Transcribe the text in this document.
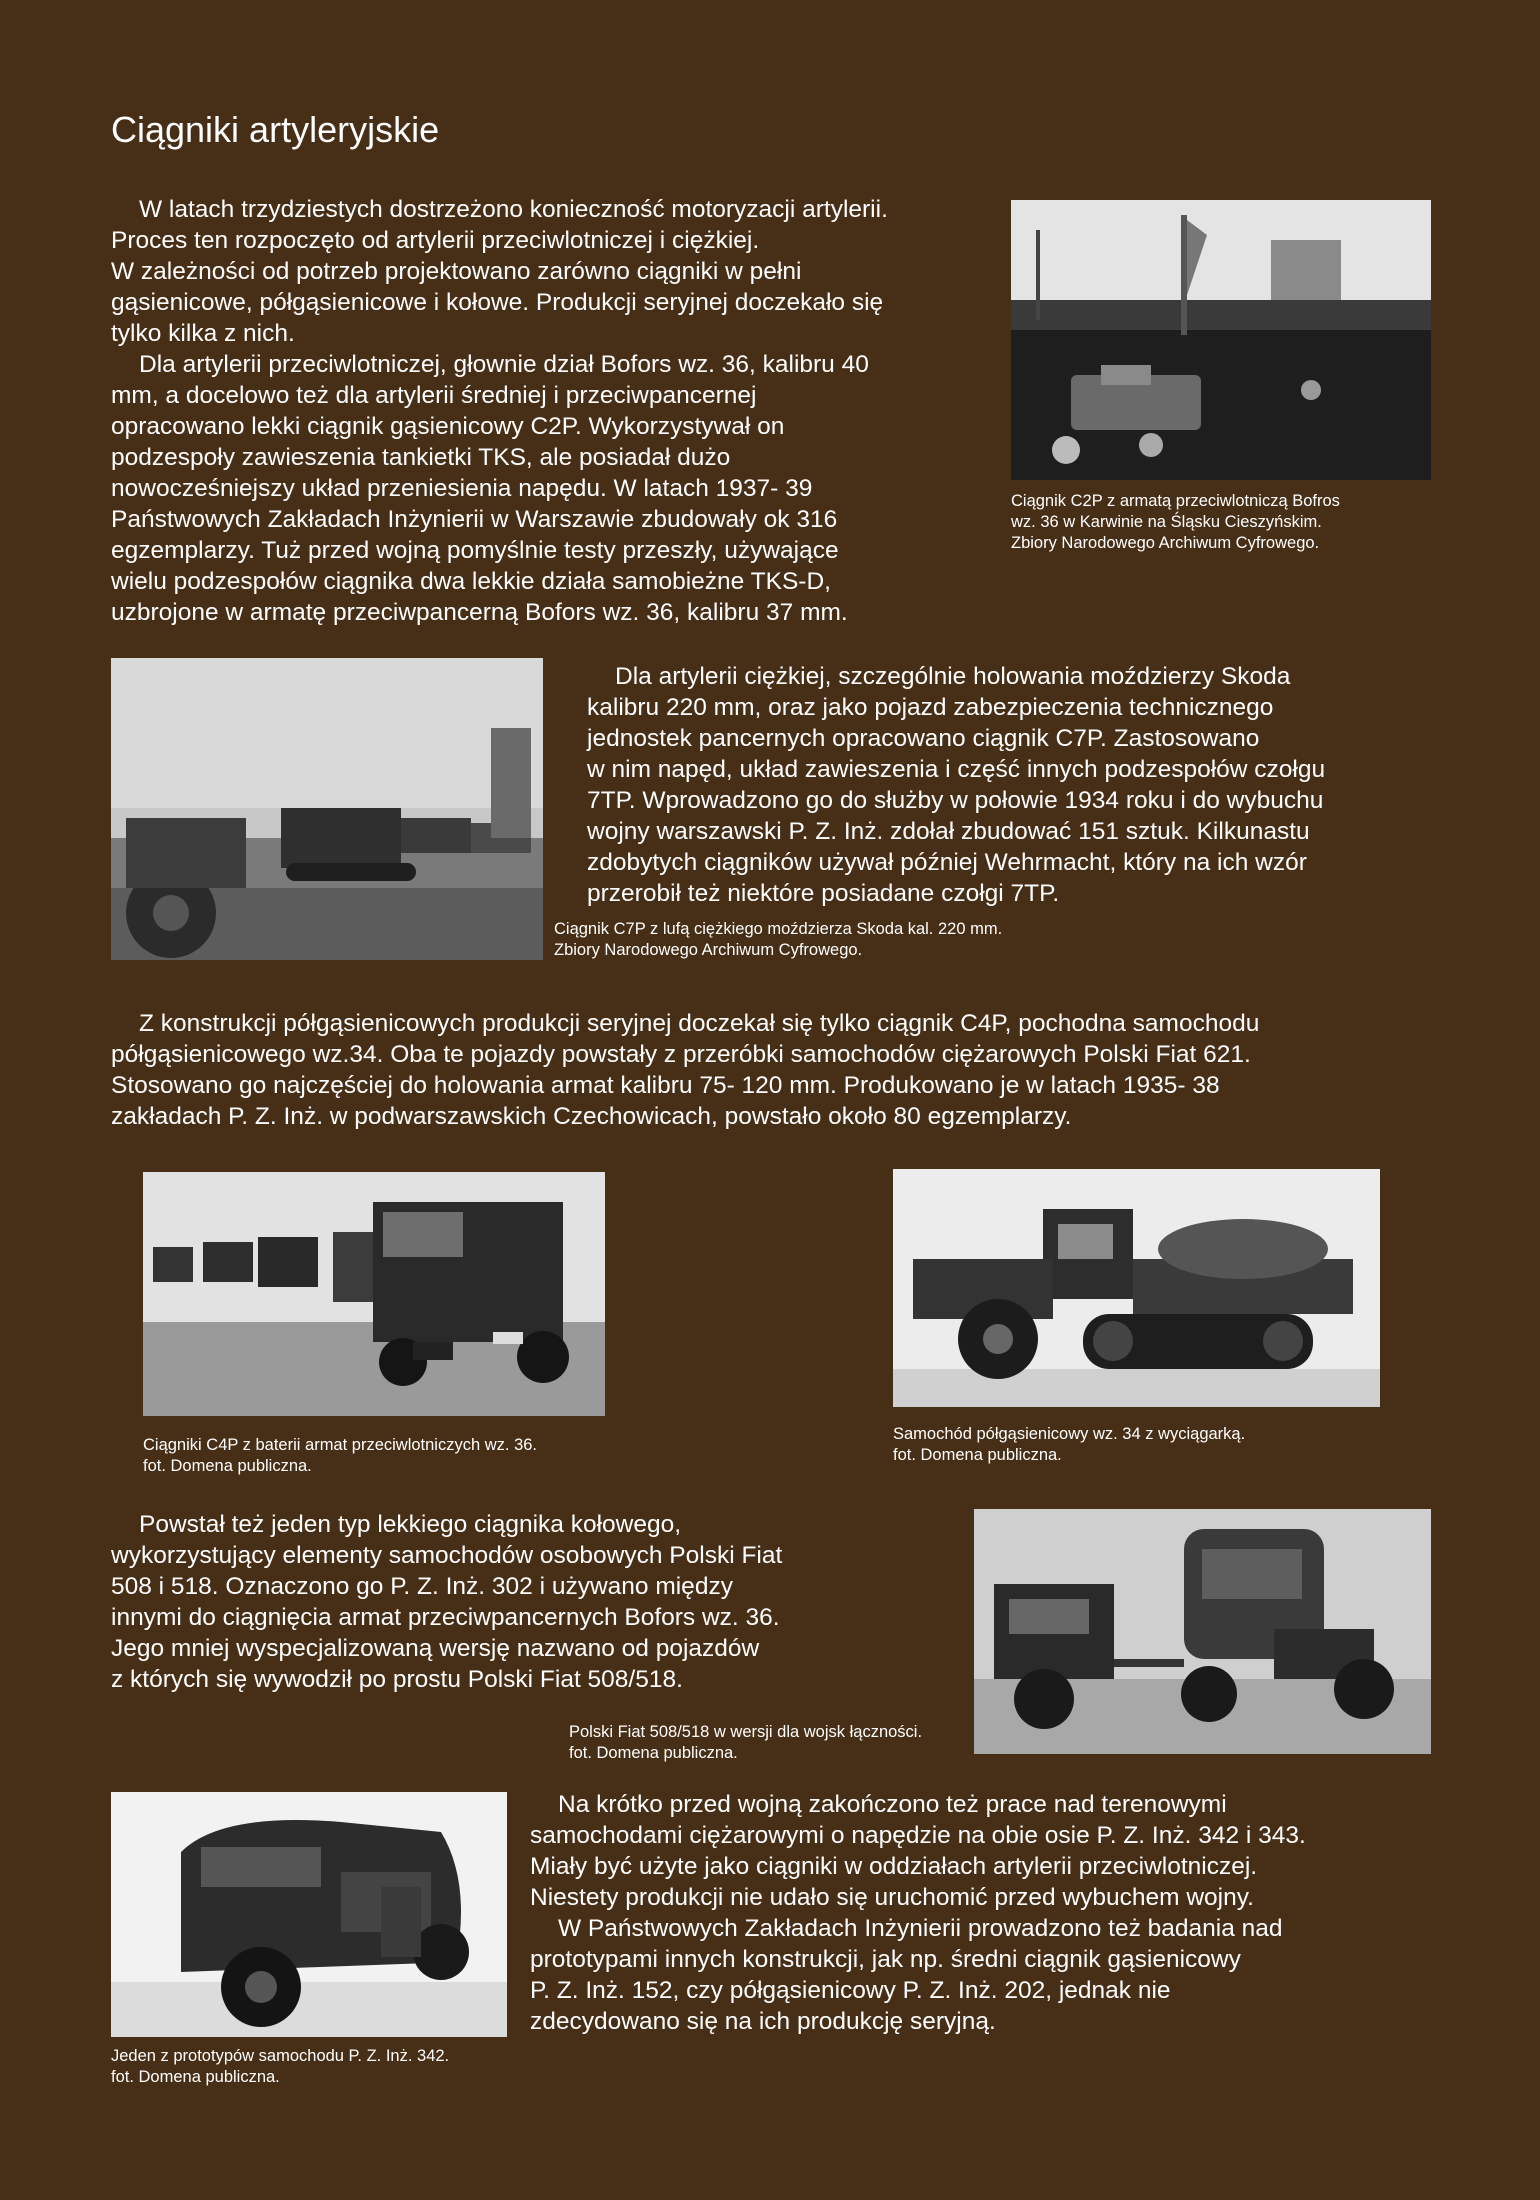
Ciągniki artyleryjskie
W latach trzydziestych dostrzeżono konieczność motoryzacji artylerii.
Proces ten rozpoczęto od artylerii przeciwlotniczej i ciężkiej.
W zależności od potrzeb projektowano zarówno ciągniki w pełni
gąsienicowe, półgąsienicowe i kołowe. Produkcji seryjnej doczekało się
tylko kilka z nich.
Dla artylerii przeciwlotniczej, głownie dział Bofors wz. 36, kalibru 40
mm, a docelowo też dla artylerii średniej i przeciwpancernej
opracowano lekki ciągnik gąsienicowy C2P. Wykorzystywał on
podzespoły zawieszenia tankietki TKS, ale posiadał dużo
nowocześniejszy układ przeniesienia napędu. W latach 1937- 39
Państwowych Zakładach Inżynierii w Warszawie zbudowały ok 316
egzemplarzy. Tuż przed wojną pomyślnie testy przeszły, używające
wielu podzespołów ciągnika dwa lekkie działa samobieżne TKS-D,
uzbrojone w armatę przeciwpancerną Bofors wz. 36, kalibru 37 mm.
Ciągnik C2P z armatą przeciwlotniczą Bofros
wz. 36 w Karwinie na Śląsku Cieszyńskim.
Zbiory Narodowego Archiwum Cyfrowego.
Dla artylerii ciężkiej, szczególnie holowania moździerzy Skoda
kalibru 220 mm, oraz jako pojazd zabezpieczenia technicznego
jednostek pancernych opracowano ciągnik C7P. Zastosowano
w nim napęd, układ zawieszenia i część innych podzespołów czołgu
7TP. Wprowadzono go do służby w połowie 1934 roku i do wybuchu
wojny warszawski P. Z. Inż. zdołał zbudować 151 sztuk. Kilkunastu
zdobytych ciągników używał później Wehrmacht, który na ich wzór
przerobił też niektóre posiadane czołgi 7TP.
Ciągnik C7P z lufą ciężkiego moździerza Skoda kal. 220 mm.
Zbiory Narodowego Archiwum Cyfrowego.
Z konstrukcji półgąsienicowych produkcji seryjnej doczekał się tylko ciągnik C4P, pochodna samochodu
półgąsienicowego wz.34. Oba te pojazdy powstały z przeróbki samochodów ciężarowych Polski Fiat 621.
Stosowano go najczęściej do holowania armat kalibru 75- 120 mm. Produkowano je w latach 1935- 38
zakładach P. Z. Inż. w podwarszawskich Czechowicach, powstało około 80 egzemplarzy.
Ciągniki C4P z baterii armat przeciwlotniczych wz. 36.
fot. Domena publiczna.
Samochód półgąsienicowy wz. 34 z wyciągarką.
fot. Domena publiczna.
Powstał też jeden typ lekkiego ciągnika kołowego,
wykorzystujący elementy samochodów osobowych Polski Fiat
508 i 518. Oznaczono go P. Z. Inż. 302 i używano między
innymi do ciągnięcia armat przeciwpancernych Bofors wz. 36.
Jego mniej wyspecjalizowaną wersję nazwano od pojazdów
z których się wywodził po prostu Polski Fiat 508/518.
Polski Fiat 508/518 w wersji dla wojsk łączności.
fot. Domena publiczna.
Jeden z prototypów samochodu P. Z. Inż. 342.
fot. Domena publiczna.
Na krótko przed wojną zakończono też prace nad terenowymi
samochodami ciężarowymi o napędzie na obie osie P. Z. Inż. 342 i 343.
Miały być użyte jako ciągniki w oddziałach artylerii przeciwlotniczej.
Niestety produkcji nie udało się uruchomić przed wybuchem wojny.
W Państwowych Zakładach Inżynierii prowadzono też badania nad
prototypami innych konstrukcji, jak np. średni ciągnik gąsienicowy
P. Z. Inż. 152, czy półgąsienicowy P. Z. Inż. 202, jednak nie
zdecydowano się na ich produkcję seryjną.
